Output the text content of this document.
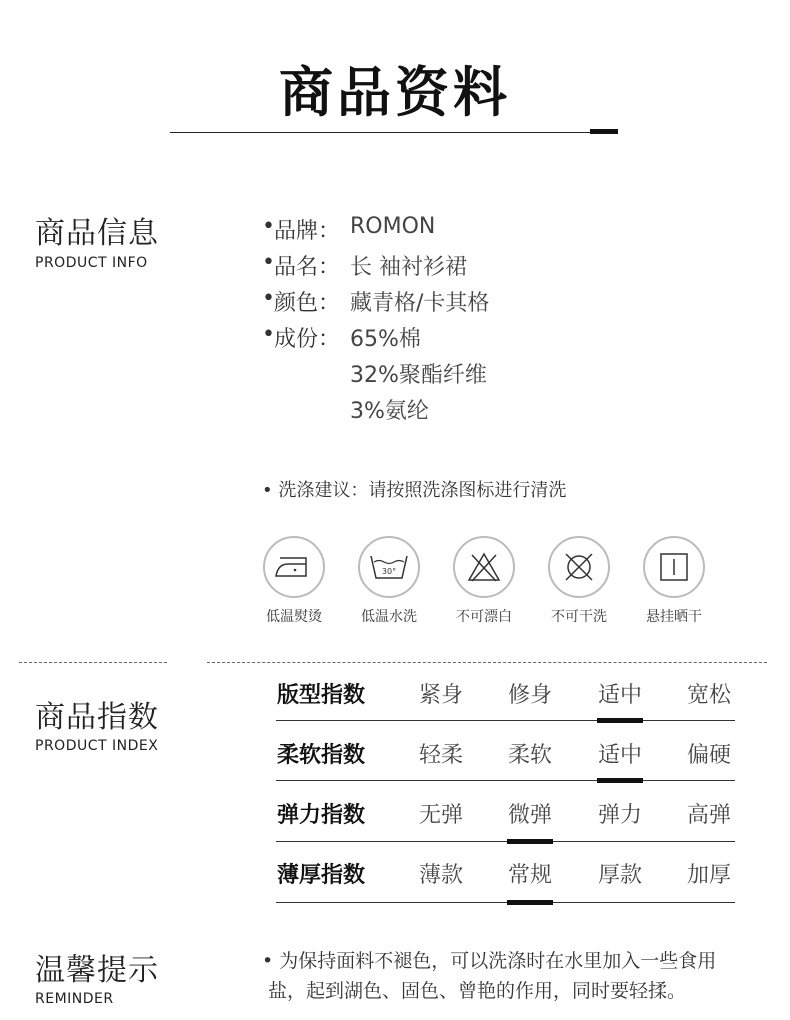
商品资料
商品信息
PRODUCT INFO
• 品牌： ROMON
• 品名： 长 袖衬衫裙
• 颜色： 藏青格/卡其格
• 成份： 65%棉
32%聚酯纤维
3%氨纶
• 洗涤建议：请按照洗涤图标进行清洗
低温熨烫
30°
低温水洗	不可漂白	不可干洗	悬挂晒干
商品指数
PRODUCT INDEX
版型指数	紧身	修身	适中	宽松
柔软指数	轻柔	柔软	适中	偏硬
弹力指数	无弹	微弹	弹力	高弹
薄厚指数	薄款	常规	厚款	加厚
温馨提示
REMINDER
• 为保持面料不褪色，可以洗涤时在水里加入一些食用
盐，起到湖色、固色、曾艳的作用，同时要轻揉。
